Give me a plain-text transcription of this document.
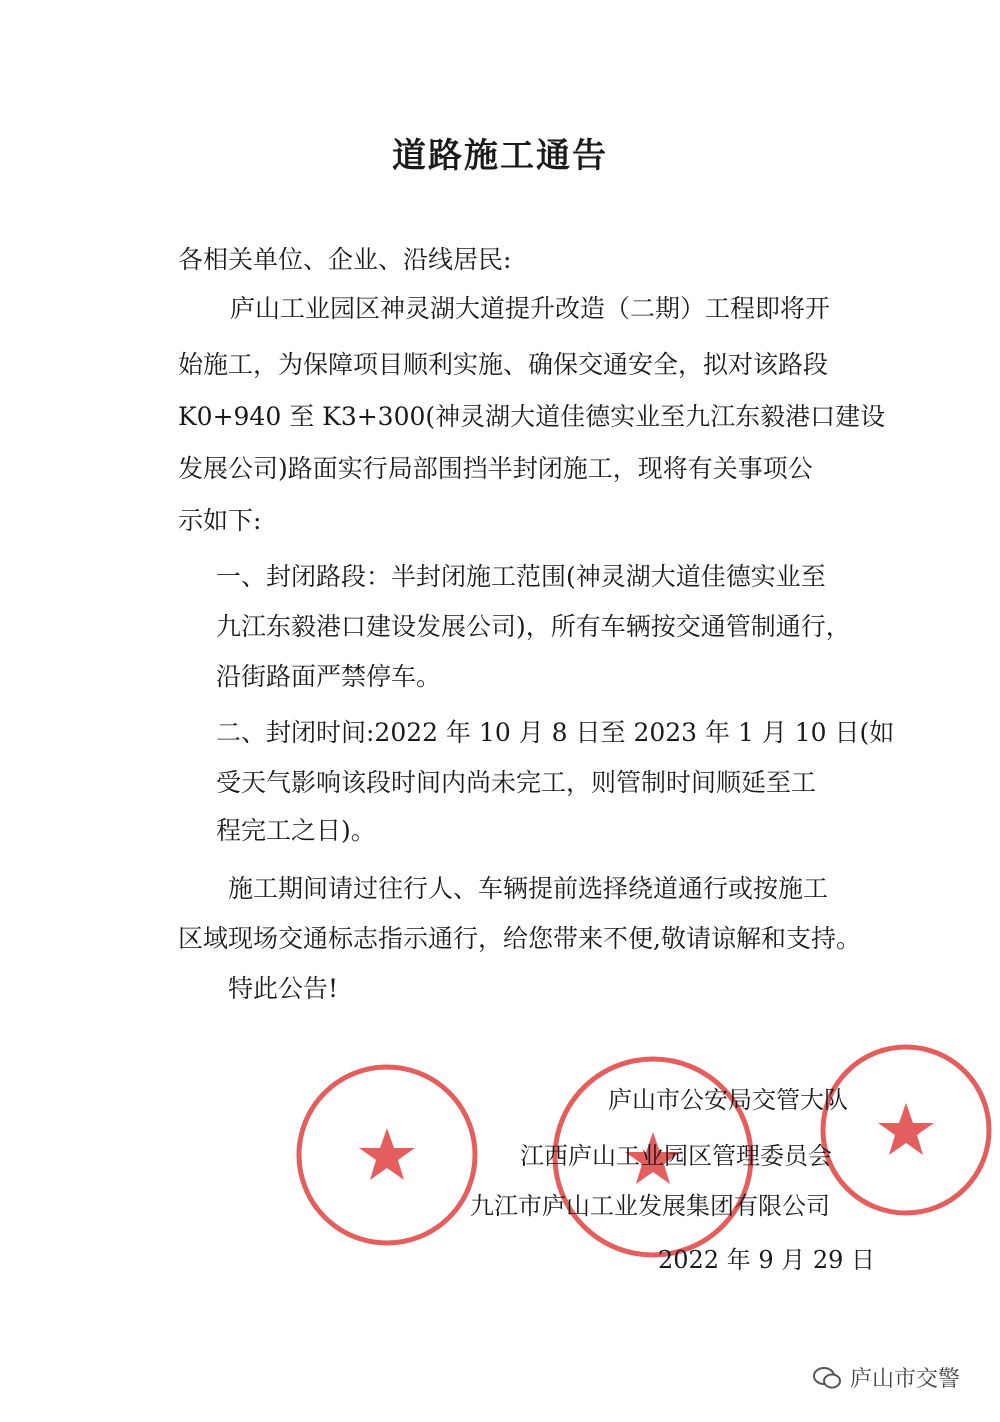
道路施工通告
各相关单位、企业、沿线居民:
庐山工业园区神灵湖大道提升改造（二期）工程即将开
始施工，为保障项目顺利实施、确保交通安全，拟对该路段
K0+940 至 K3+300(神灵湖大道佳德实业至九江东毅港口建设
发展公司)路面实行局部围挡半封闭施工，现将有关事项公
示如下:
一、封闭路段：半封闭施工范围(神灵湖大道佳德实业至
九江东毅港口建设发展公司)，所有车辆按交通管制通行，
沿街路面严禁停车。
二、封闭时间:2022 年 10 月 8 日至 2023 年 1 月 10 日(如
受天气影响该段时间内尚未完工，则管制时间顺延至工
程完工之日)。
施工期间请过往行人、车辆提前选择绕道通行或按施工
区域现场交通标志指示通行，给您带来不便,敬请谅解和支持。
特此公告!
庐山市公安局交管大队
江西庐山工业园区管理委员会
九江市庐山工业发展集团有限公司
2022 年 9 月 29 日
庐山市交警
